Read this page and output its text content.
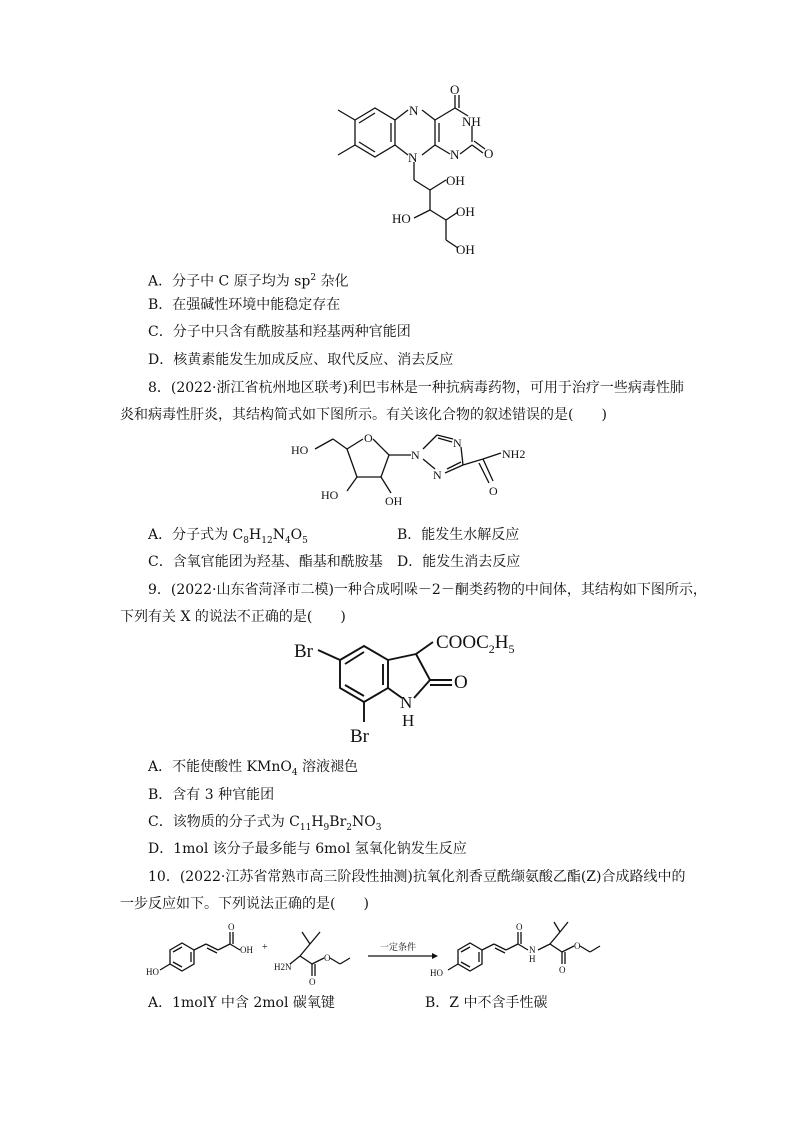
O
NH
O
N
N
N
OH
HO	OH
OH
A．分子中 C 原子均为 $sp^2$ 杂化
B．在强碱性环境中能稳定存在
C．分子中只含有酰胺基和羟基两种官能团
D．核黄素能发生加成反应、取代反应、消去反应
8．(2022·浙江省杭州地区联考)利巴韦林是一种抗病毒药物，可用于治疗一些病毒性肺
炎和病毒性肝炎，其结构简式如下图所示。有关该化合物的叙述错误的是(　　)
HO
O
N
N
N
NH2
O
HO	OH
A．分子式为 $C_8H_{12}N_4O_5$	B．能发生水解反应
C．含氧官能团为羟基、酯基和酰胺基 D．能发生消去反应
9．(2022·山东省菏泽市二模)一种合成吲哚－2－酮类药物的中间体，其结构如下图所示，
下列有关 X 的说法不正确的是(　　)
Br	$COOC_2H_5$
O
N
H
Br
A．不能使酸性 KMnO$_4$ 溶液褪色
B．含有 3 种官能团
C．该物质的分子式为 $C_{11}H_9Br_2NO_3$
D．1mol 该分子最多能与 6mol 氢氧化钠发生反应
10．(2022·江苏省常熟市高三阶段性抽测)抗氧化剂香豆酰缬氨酸乙酯(Z)合成路线中的
一步反应如下。下列说法正确的是(　　)
HO
OH
O
+
H2N
O
O
一定条件
HO
O
N
H
O
O
A．1molY 中含 2mol 碳氧键	B．Z 中不含手性碳
